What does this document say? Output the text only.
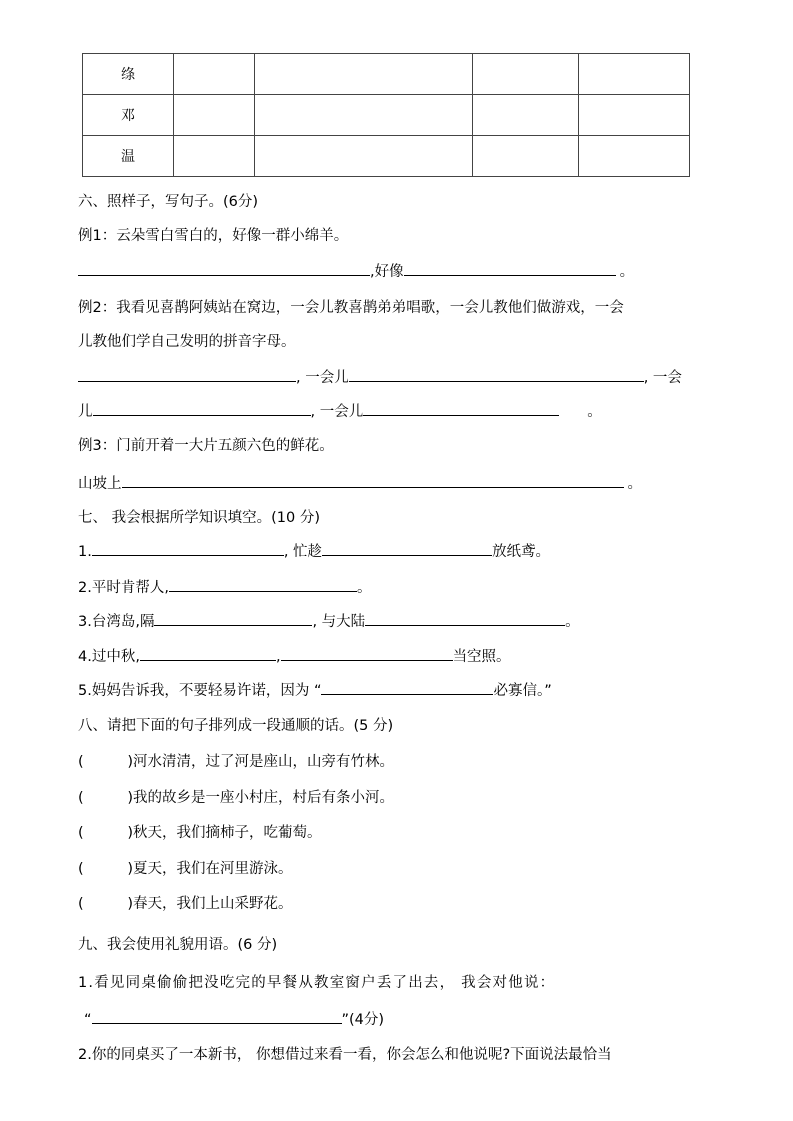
绦				
邓				
温				
六、照样子，写句子。(6分)
例1：云朵雪白雪白的，好像一群小绵羊。
,好像	。
例2：我看见喜鹊阿姨站在窝边，一会儿教喜鹊弟弟唱歌，一会儿教他们做游戏，一会
儿教他们学自己发明的拼音字母。
, 一会儿	, 一会
儿	, 一会儿	。
例3：门前开着一大片五颜六色的鲜花。
山坡上	。
七、 我会根据所学知识填空。(10 分)
1.	, 忙趁	放纸鸢。
2.平时肯帮人,	。
3.台湾岛,隔	, 与大陆	。
4.过中秋,	,	当空照。
5.妈妈告诉我，不要轻易许诺，因为 “	必寡信。”
八、请把下面的句子排列成一段通顺的话。(5 分)
(	) 河水清清，过了河是座山，山旁有竹林。
(	) 我的故乡是一座小村庄，村后有条小河。
(	) 秋天，我们摘柿子，吃葡萄。
(	) 夏天，我们在河里游泳。
(	) 春天，我们上山采野花。
九、我会使用礼貌用语。(6 分)
1.看见同桌偷偷把没吃完的早餐从教室窗户丢了出去， 我会对他说：
“	”(4分)
2.你的同桌买了一本新书， 你想借过来看一看，你会怎么和他说呢?下面说法最恰当
